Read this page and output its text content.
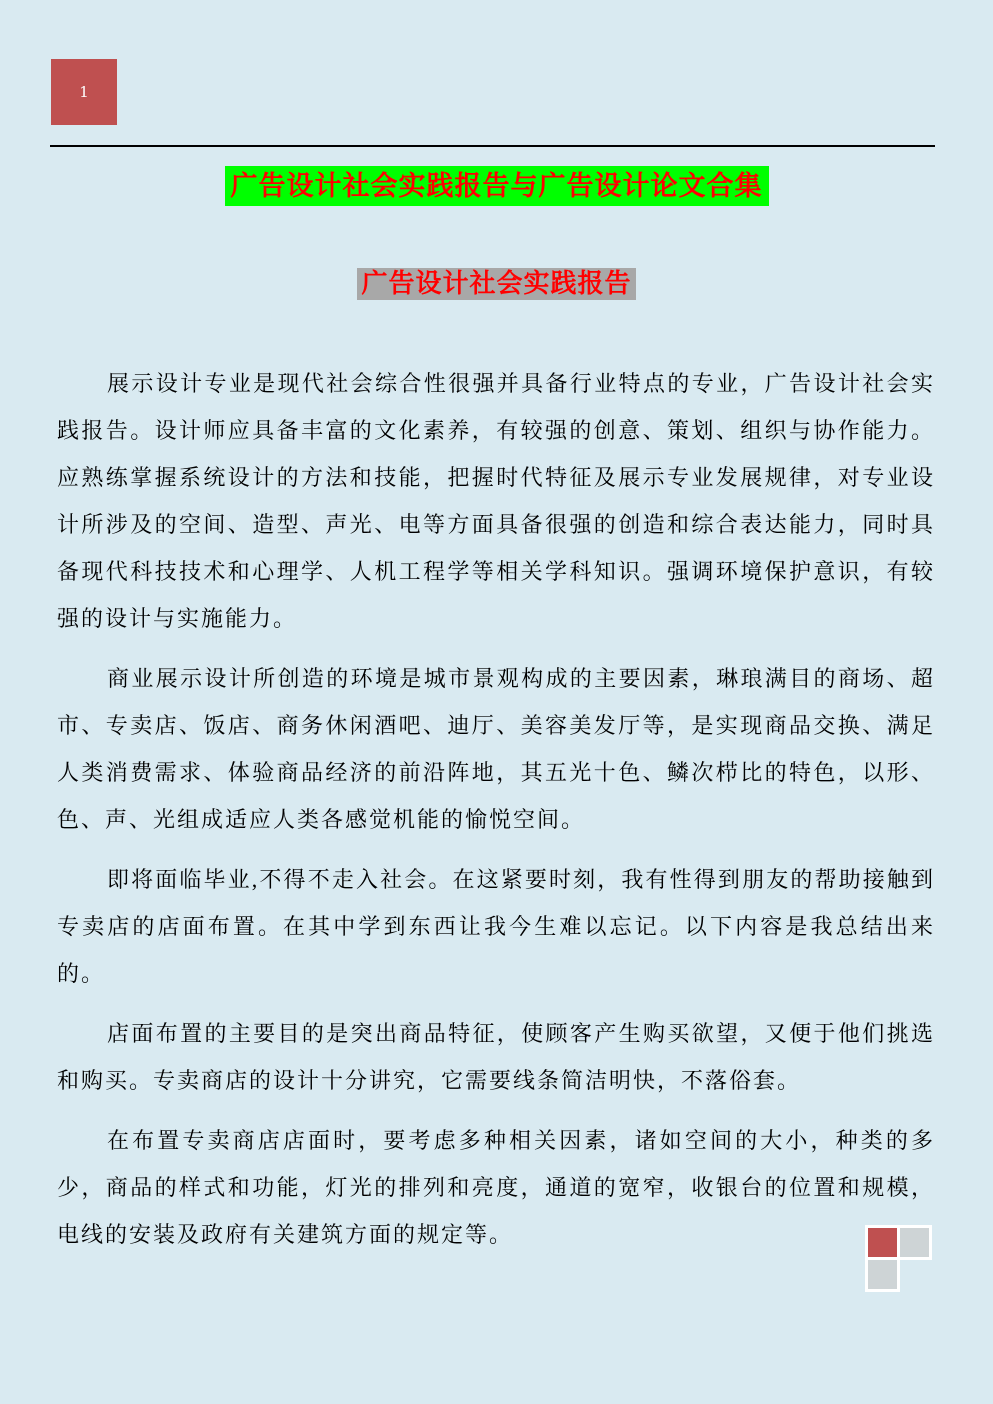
1
广告设计社会实践报告与广告设计论文合集
广告设计社会实践报告

展示设计专业是现代社会综合性很强并具备行业特点的专业，广告设计社会实践报告。设计师应具备丰富的文化素养，有较强的创意、策划、组织与协作能力。应熟练掌握系统设计的方法和技能，把握时代特征及展示专业发展规律，对专业设计所涉及的空间、造型、声光、电等方面具备很强的创造和综合表达能力，同时具备现代科技技术和心理学、人机工程学等相关学科知识。强调环境保护意识，有较强的设计与实施能力。

商业展示设计所创造的环境是城市景观构成的主要因素，琳琅满目的商场、超市、专卖店、饭店、商务休闲酒吧、迪厅、美容美发厅等，是实现商品交换、满足人类消费需求、体验商品经济的前沿阵地，其五光十色、鳞次栉比的特色，以形、色、声、光组成适应人类各感觉机能的愉悦空间。

即将面临毕业,不得不走入社会。在这紧要时刻，我有性得到朋友的帮助接触到专卖店的店面布置。在其中学到东西让我今生难以忘记。以下内容是我总结出来的。

店面布置的主要目的是突出商品特征，使顾客产生购买欲望，又便于他们挑选和购买。专卖商店的设计十分讲究，它需要线条简洁明快，不落俗套。

在布置专卖商店店面时，要考虑多种相关因素，诸如空间的大小，种类的多少，商品的样式和功能，灯光的排列和亮度，通道的宽窄，收银台的位置和规模，电线的安装及政府有关建筑方面的规定等。
